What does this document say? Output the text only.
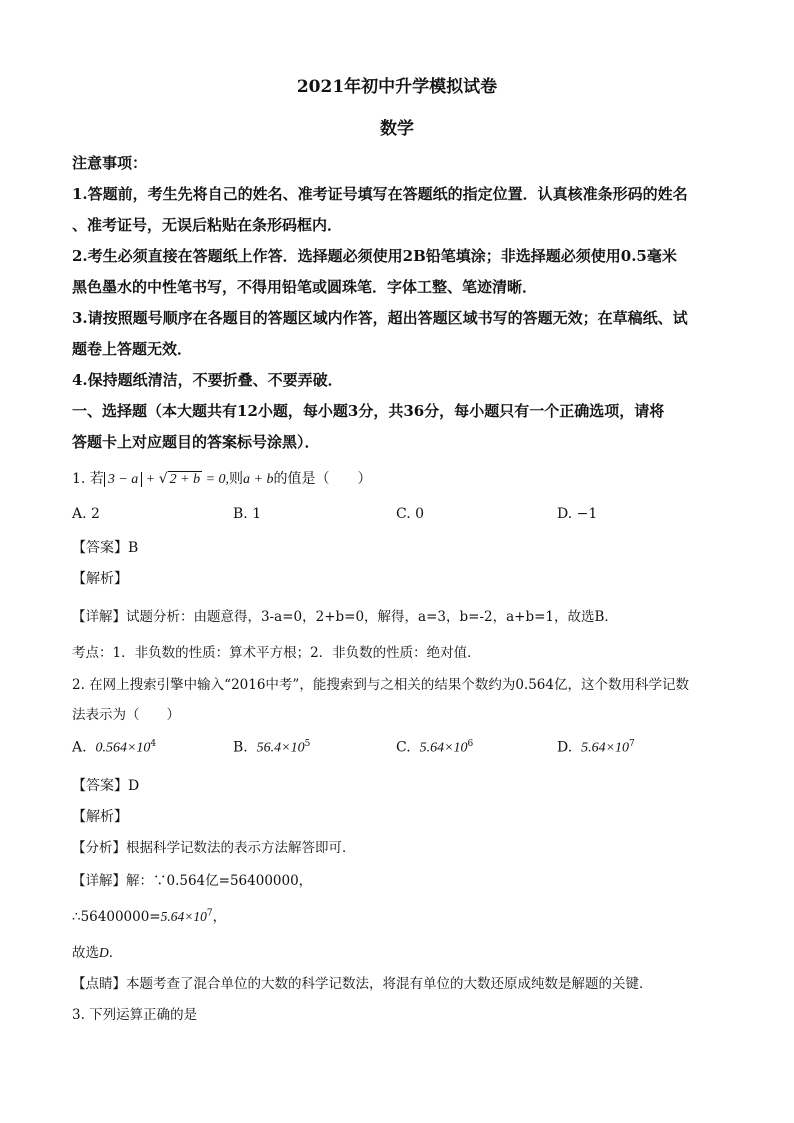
2021年初中升学模拟试卷
数学
注意事项：
1.答题前，考生先将自己的姓名、准考证号填写在答题纸的指定位置．认真核准条形码的姓名
、准考证号，无误后粘贴在条形码框内．
2.考生必须直接在答题纸上作答．选择题必须使用2B铅笔填涂；非选择题必须使用0.5毫米
黑色墨水的中性笔书写，不得用铅笔或圆珠笔．字体工整、笔迹清晰．
3.请按照题号顺序在各题目的答题区域内作答，超出答题区域书写的答题无效；在草稿纸、试
题卷上答题无效．
4.保持题纸清洁，不要折叠、不要弄破．
一、选择题（本大题共有12小题，每小题3分，共36分，每小题只有一个正确选项，请将
答题卡上对应题目的答案标号涂黑）．
1. 若 3 − a + √ 2 + b = 0,则a + b的值是（　　）
A. 2	B. 1	C. 0	D. −1
【答案】B
【解析】
【详解】试题分析：由题意得，3-a=0，2+b=0，解得，a=3，b=-2，a+b=1，故选B．
考点：1．非负数的性质：算术平方根；2．非负数的性质：绝对值．
2. 在网上搜索引擎中输入“2016中考”，能搜索到与之相关的结果个数约为0.564亿，这个数用科学记数
法表示为（　　）
A. $0.564\times 10^4$	B. $56.4\times 10^5$	C. $5.64\times 10^6$	D. $5.64\times 10^7$
【答案】D
【解析】
【分析】根据科学记数法的表示方法解答即可．
【详解】解：∵0.564亿=56400000，
$\therefore 56400000=5.64\times 10^7$，
故选D．
【点睛】本题考查了混合单位的大数的科学记数法，将混有单位的大数还原成纯数是解题的关键．
3. 下列运算正确的是
